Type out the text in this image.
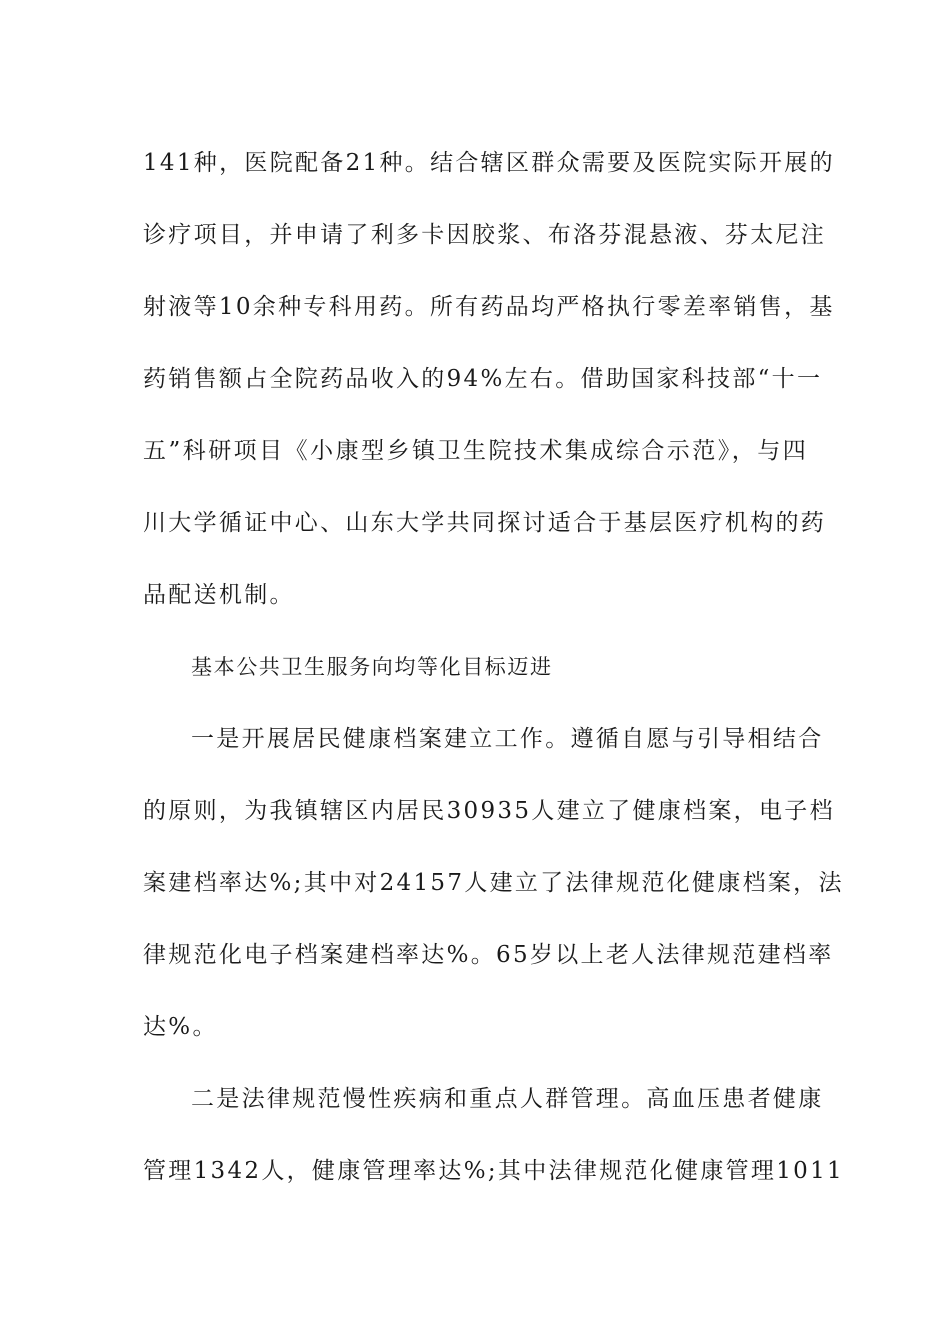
141种，医院配备21种。结合辖区群众需要及医院实际开展的
诊疗项目，并申请了利多卡因胶浆、布洛芬混悬液、芬太尼注
射液等10余种专科用药。所有药品均严格执行零差率销售，基
药销售额占全院药品收入的94%左右。借助国家科技部“十一
五”科研项目《小康型乡镇卫生院技术集成综合示范》，与四
川大学循证中心、山东大学共同探讨适合于基层医疗机构的药
品配送机制。
基本公共卫生服务向均等化目标迈进
一是开展居民健康档案建立工作。遵循自愿与引导相结合
的原则，为我镇辖区内居民30935人建立了健康档案，电子档
案建档率达%;其中对24157人建立了法律规范化健康档案，法
律规范化电子档案建档率达%。65岁以上老人法律规范建档率
达%。
二是法律规范慢性疾病和重点人群管理。高血压患者健康
管理1342人，健康管理率达%;其中法律规范化健康管理1011
